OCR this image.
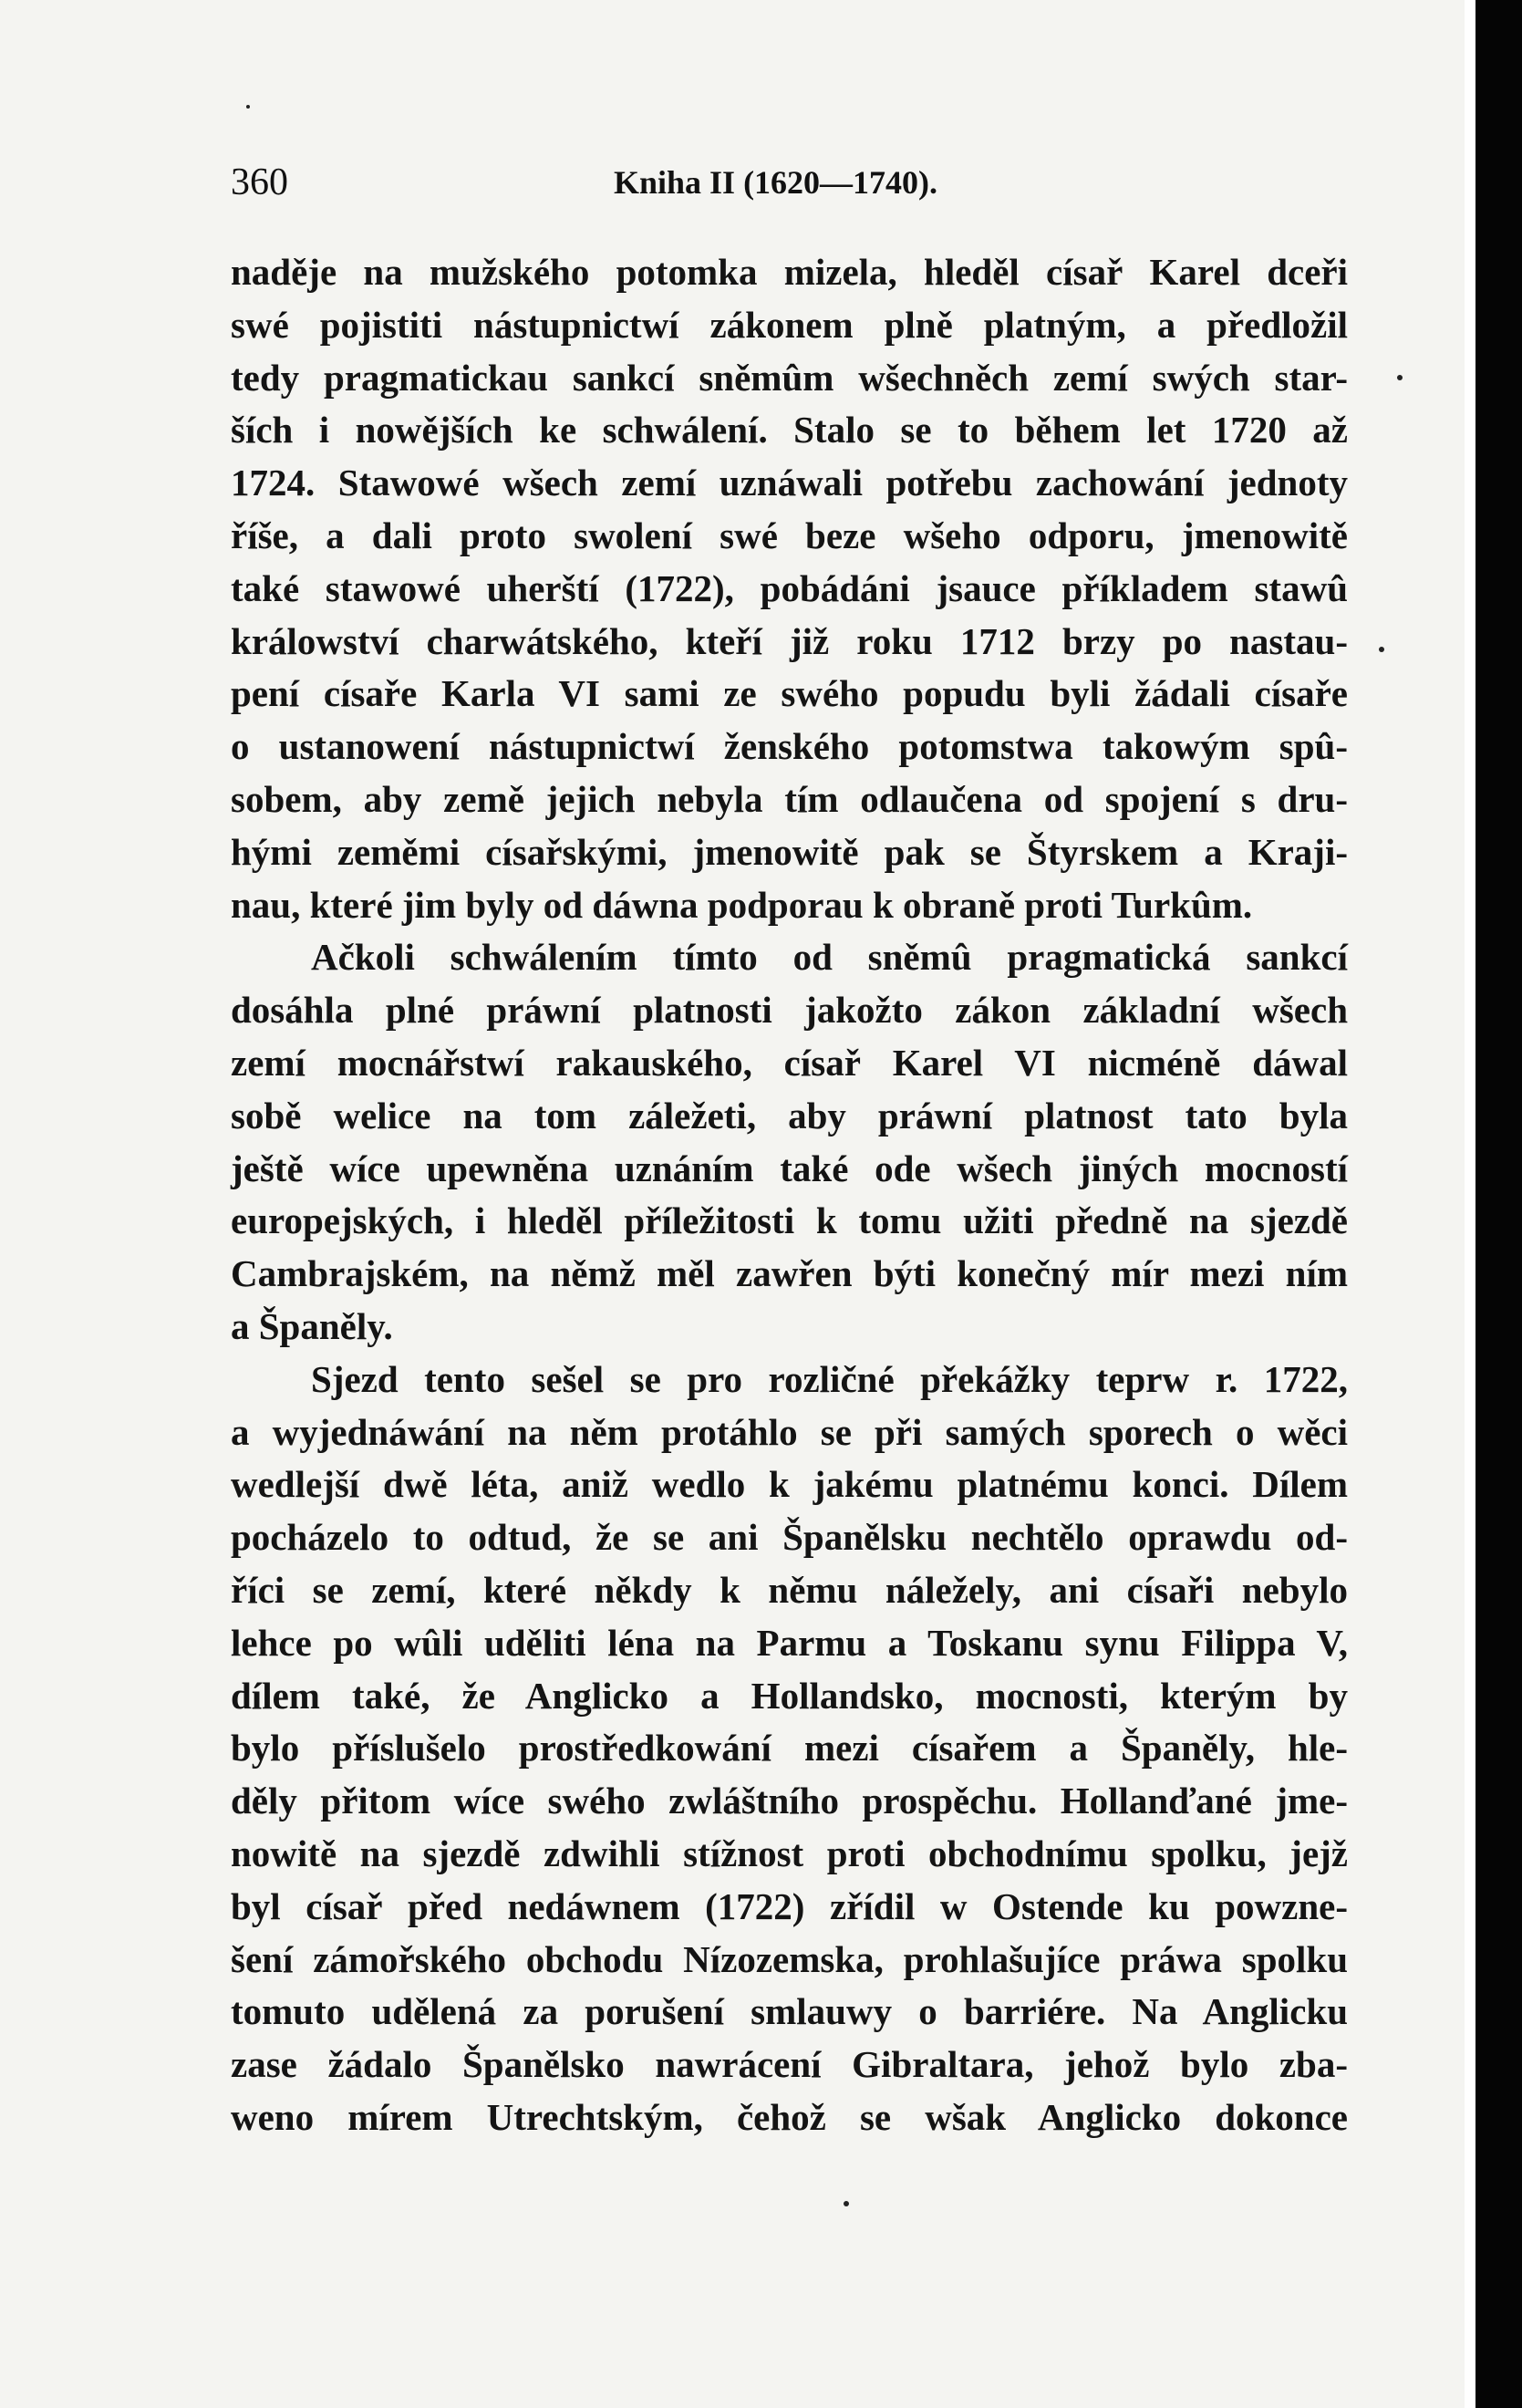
360	Kniha II (1620—1740).
naděje na mužského potomka mizela, hleděl císař Karel dceři
swé pojistiti nástupnictwí zákonem plně platným, a předložil
tedy pragmatickau sankcí sněmûm wšechněch zemí swých star-
ších i nowějších ke schwálení. Stalo se to během let 1720 až
1724. Stawowé wšech zemí uznáwali potřebu zachowání jednoty
říše, a dali proto swolení swé beze wšeho odporu, jmenowitě
také stawowé uherští (1722), pobádáni jsauce příkladem stawû
králowství charwátského, kteří již roku 1712 brzy po nastau-
pení císaře Karla VI sami ze swého popudu byli žádali císaře
o ustanowení nástupnictwí ženského potomstwa takowým spû-
sobem, aby země jejich nebyla tím odlaučena od spojení s dru-
hými zeměmi císařskými, jmenowitě pak se Štyrskem a Kraji-
nau, které jim byly od dáwna podporau k obraně proti Turkûm.
Ačkoli schwálením tímto od sněmû pragmatická sankcí
dosáhla plné práwní platnosti jakožto zákon základní wšech
zemí mocnářstwí rakauského, císař Karel VI nicméně dáwal
sobě welice na tom záležeti, aby práwní platnost tato byla
ještě wíce upewněna uznáním také ode wšech jiných mocností
europejských, i hleděl příležitosti k tomu užiti předně na sjezdě
Cambrajském, na němž měl zawřen býti konečný mír mezi ním
a Španěly.
Sjezd tento sešel se pro rozličné překážky teprw r. 1722,
a wyjednáwání na něm protáhlo se při samých sporech o wěci
wedlejší dwě léta, aniž wedlo k jakému platnému konci. Dílem
pocházelo to odtud, že se ani Španělsku nechtělo oprawdu od-
říci se zemí, které někdy k němu náležely, ani císaři nebylo
lehce po wûli uděliti léna na Parmu a Toskanu synu Filippa V,
dílem také, že Anglicko a Hollandsko, mocnosti, kterým by
bylo příslušelo prostředkowání mezi císařem a Španěly, hle-
děly přitom wíce swého zwláštního prospěchu. Hollanďané jme-
nowitě na sjezdě zdwihli stížnost proti obchodnímu spolku, jejž
byl císař před nedáwnem (1722) zřídil w Ostende ku powzne-
šení zámořského obchodu Nízozemska, prohlašujíce práwa spolku
tomuto udělená za porušení smlauwy o barriére. Na Anglicku
zase žádalo Španělsko nawrácení Gibraltara, jehož bylo zba-
weno mírem Utrechtským, čehož se wšak Anglicko dokonce
